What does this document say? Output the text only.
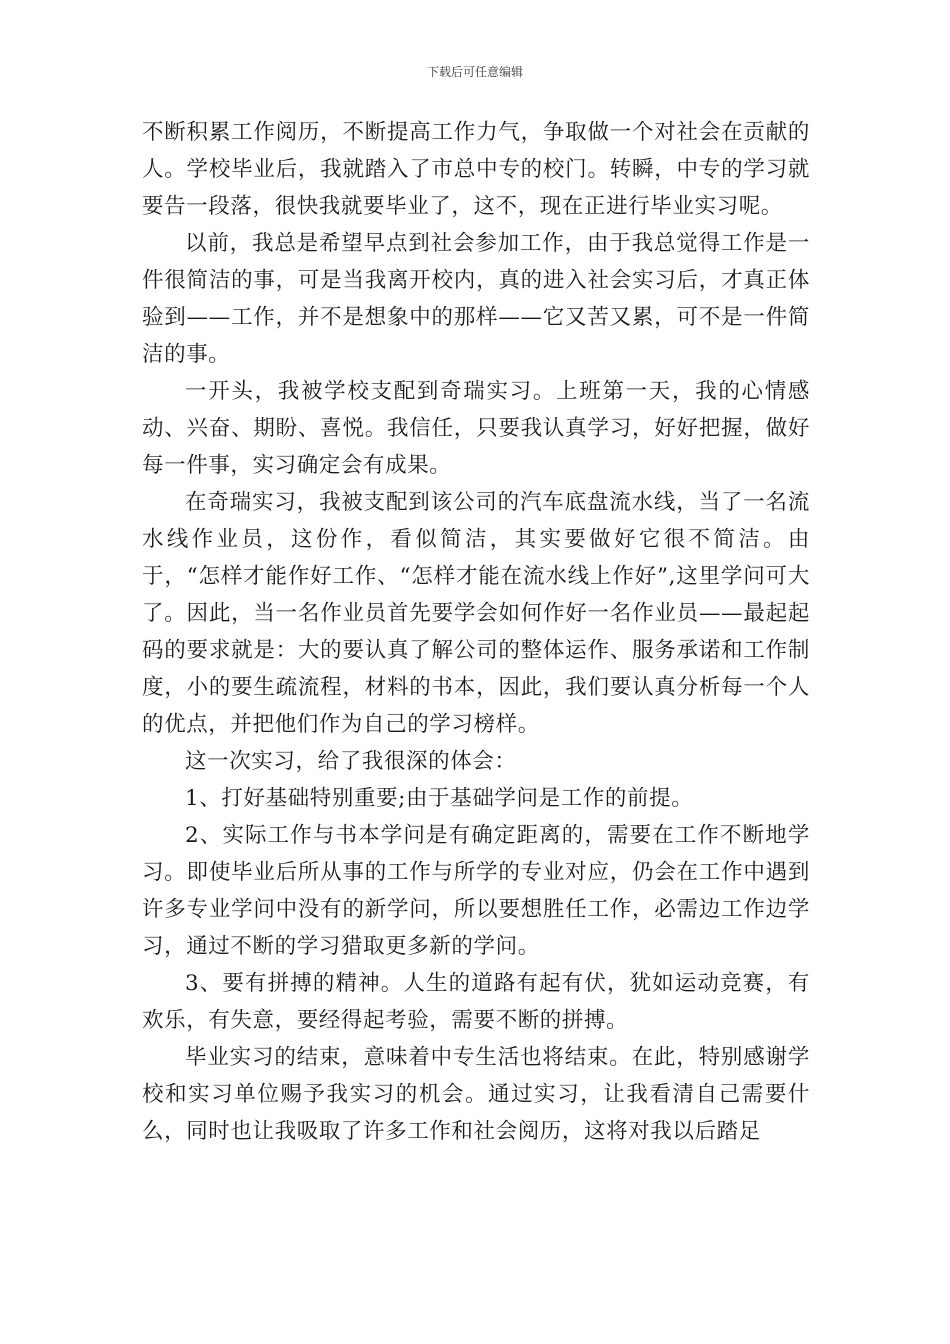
下载后可任意编辑

不断积累工作阅历，不断提高工作力气，争取做一个对社会在贡献的人。学校毕业后，我就踏入了市总中专的校门。转瞬，中专的学习就要告一段落，很快我就要毕业了，这不，现在正进行毕业实习呢。

以前，我总是希望早点到社会参加工作，由于我总觉得工作是一件很简洁的事，可是当我离开校内，真的进入社会实习后，才真正体验到——工作，并不是想象中的那样——它又苦又累，可不是一件简洁的事。

一开头，我被学校支配到奇瑞实习。上班第一天，我的心情感动、兴奋、期盼、喜悦。我信任，只要我认真学习，好好把握，做好每一件事，实习确定会有成果。

在奇瑞实习，我被支配到该公司的汽车底盘流水线，当了一名流水线作业员，这份作，看似简洁，其实要做好它很不简洁。由于，“怎样才能作好工作、“怎样才能在流水线上作好”,这里学问可大了。因此，当一名作业员首先要学会如何作好一名作业员——最起起码的要求就是：大的要认真了解公司的整体运作、服务承诺和工作制度，小的要生疏流程，材料的书本，因此，我们要认真分析每一个人的优点，并把他们作为自己的学习榜样。

这一次实习，给了我很深的体会：

1、打好基础特别重要;由于基础学问是工作的前提。

2、实际工作与书本学问是有确定距离的，需要在工作不断地学习。即使毕业后所从事的工作与所学的专业对应，仍会在工作中遇到许多专业学问中没有的新学问，所以要想胜任工作，必需边工作边学习，通过不断的学习猎取更多新的学问。

3、要有拼搏的精神。人生的道路有起有伏，犹如运动竞赛，有欢乐，有失意，要经得起考验，需要不断的拼搏。

毕业实习的结束，意味着中专生活也将结束。在此，特别感谢学校和实习单位赐予我实习的机会。通过实习，让我看清自己需要什么，同时也让我吸取了许多工作和社会阅历，这将对我以后踏足
